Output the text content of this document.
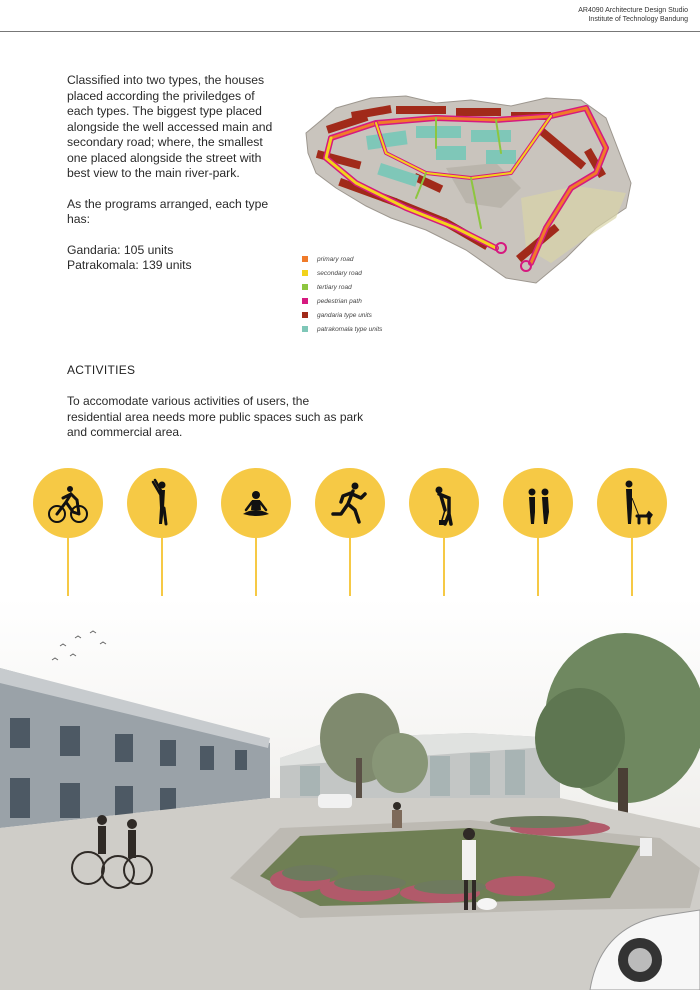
AR4090 Architecture Design Studio
Institute of Technology Bandung

Classified into two types, the houses placed according the priviledges of each types. The biggest type placed alongside the well accessed main and secondary road; where, the smallest one placed alongside the street with best view to the main river-park.

As the programs arranged, each type has:

Gandaria: 105 units

Patrakomala: 139 units	primary road
secondary road
tertiary road
pedestrian path
gandaria type units
patrakomala type units
ACTIVITIES
To accomodate various activities of users, the residential area needs more public spaces such as park and commercial area.
